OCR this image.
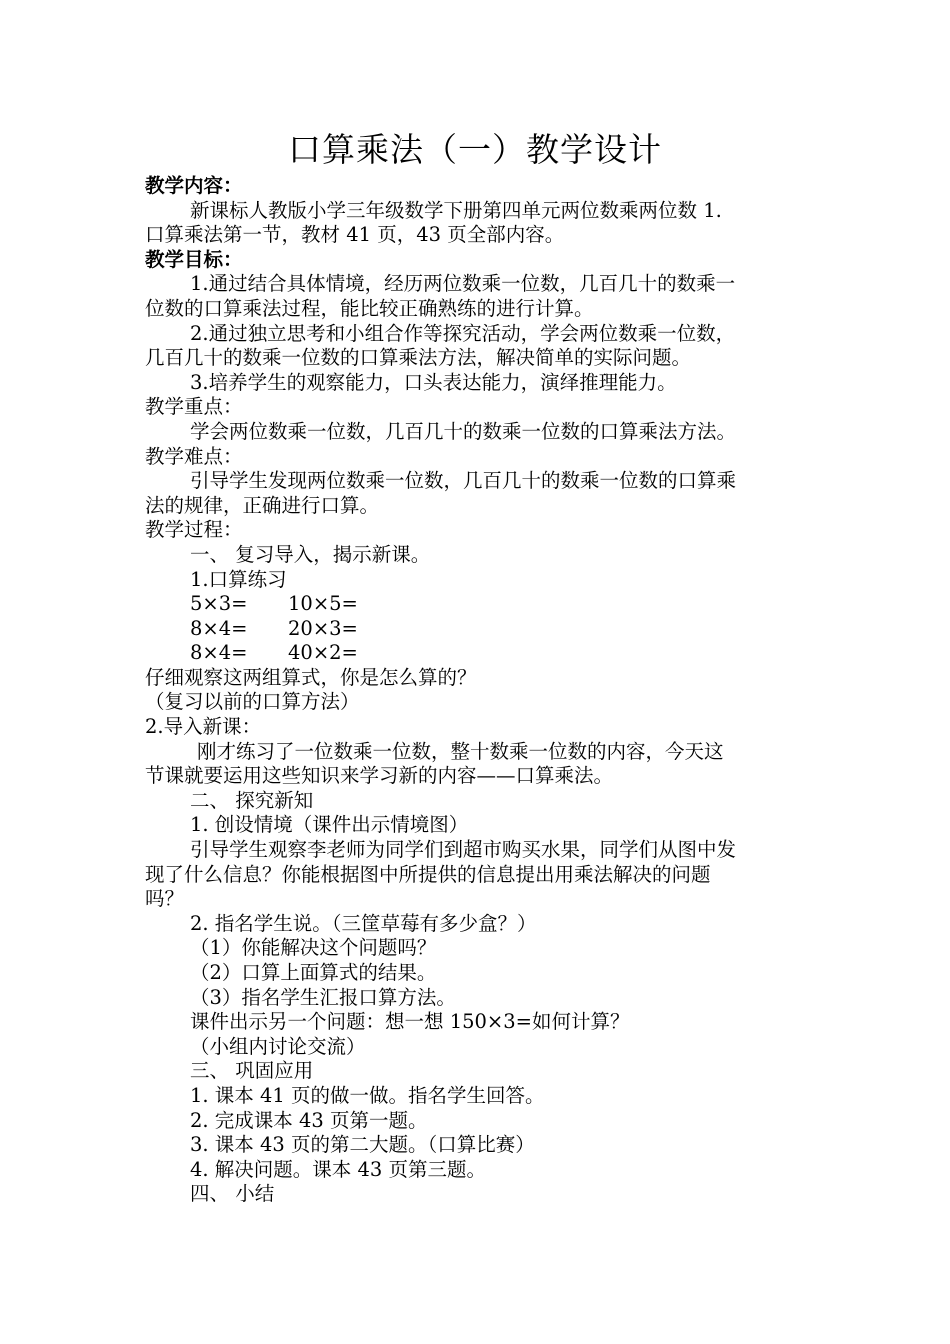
口算乘法（一）教学设计
教学内容：
新课标人教版小学三年级数学下册第四单元两位数乘两位数 1.
口算乘法第一节，教材 41 页，43 页全部内容。
教学目标：
1.通过结合具体情境，经历两位数乘一位数，几百几十的数乘一
位数的口算乘法过程，能比较正确熟练的进行计算。
2.通过独立思考和小组合作等探究活动，学会两位数乘一位数，
几百几十的数乘一位数的口算乘法方法，解决简单的实际问题。
3.培养学生的观察能力，口头表达能力，演绎推理能力。
教学重点：
学会两位数乘一位数，几百几十的数乘一位数的口算乘法方法。
教学难点：
引导学生发现两位数乘一位数，几百几十的数乘一位数的口算乘
法的规律，正确进行口算。
教学过程：
一、 复习导入，揭示新课。
1.口算练习
5×3= 10×5=
8×4= 20×3=
8×4= 40×2=
仔细观察这两组算式，你是怎么算的？
（复习以前的口算方法）
2.导入新课：
刚才练习了一位数乘一位数，整十数乘一位数的内容，今天这
节课就要运用这些知识来学习新的内容——口算乘法。
二、 探究新知
1. 创设情境（课件出示情境图）
引导学生观察李老师为同学们到超市购买水果，同学们从图中发
现了什么信息？你能根据图中所提供的信息提出用乘法解决的问题
吗？
2. 指名学生说。（三筐草莓有多少盒？）
（1）你能解决这个问题吗？
（2）口算上面算式的结果。
（3）指名学生汇报口算方法。
课件出示另一个问题：想一想 150×3=如何计算？
（小组内讨论交流）
三、 巩固应用
1. 课本 41 页的做一做。指名学生回答。
2. 完成课本 43 页第一题。
3. 课本 43 页的第二大题。（口算比赛）
4. 解决问题。课本 43 页第三题。
四、 小结
